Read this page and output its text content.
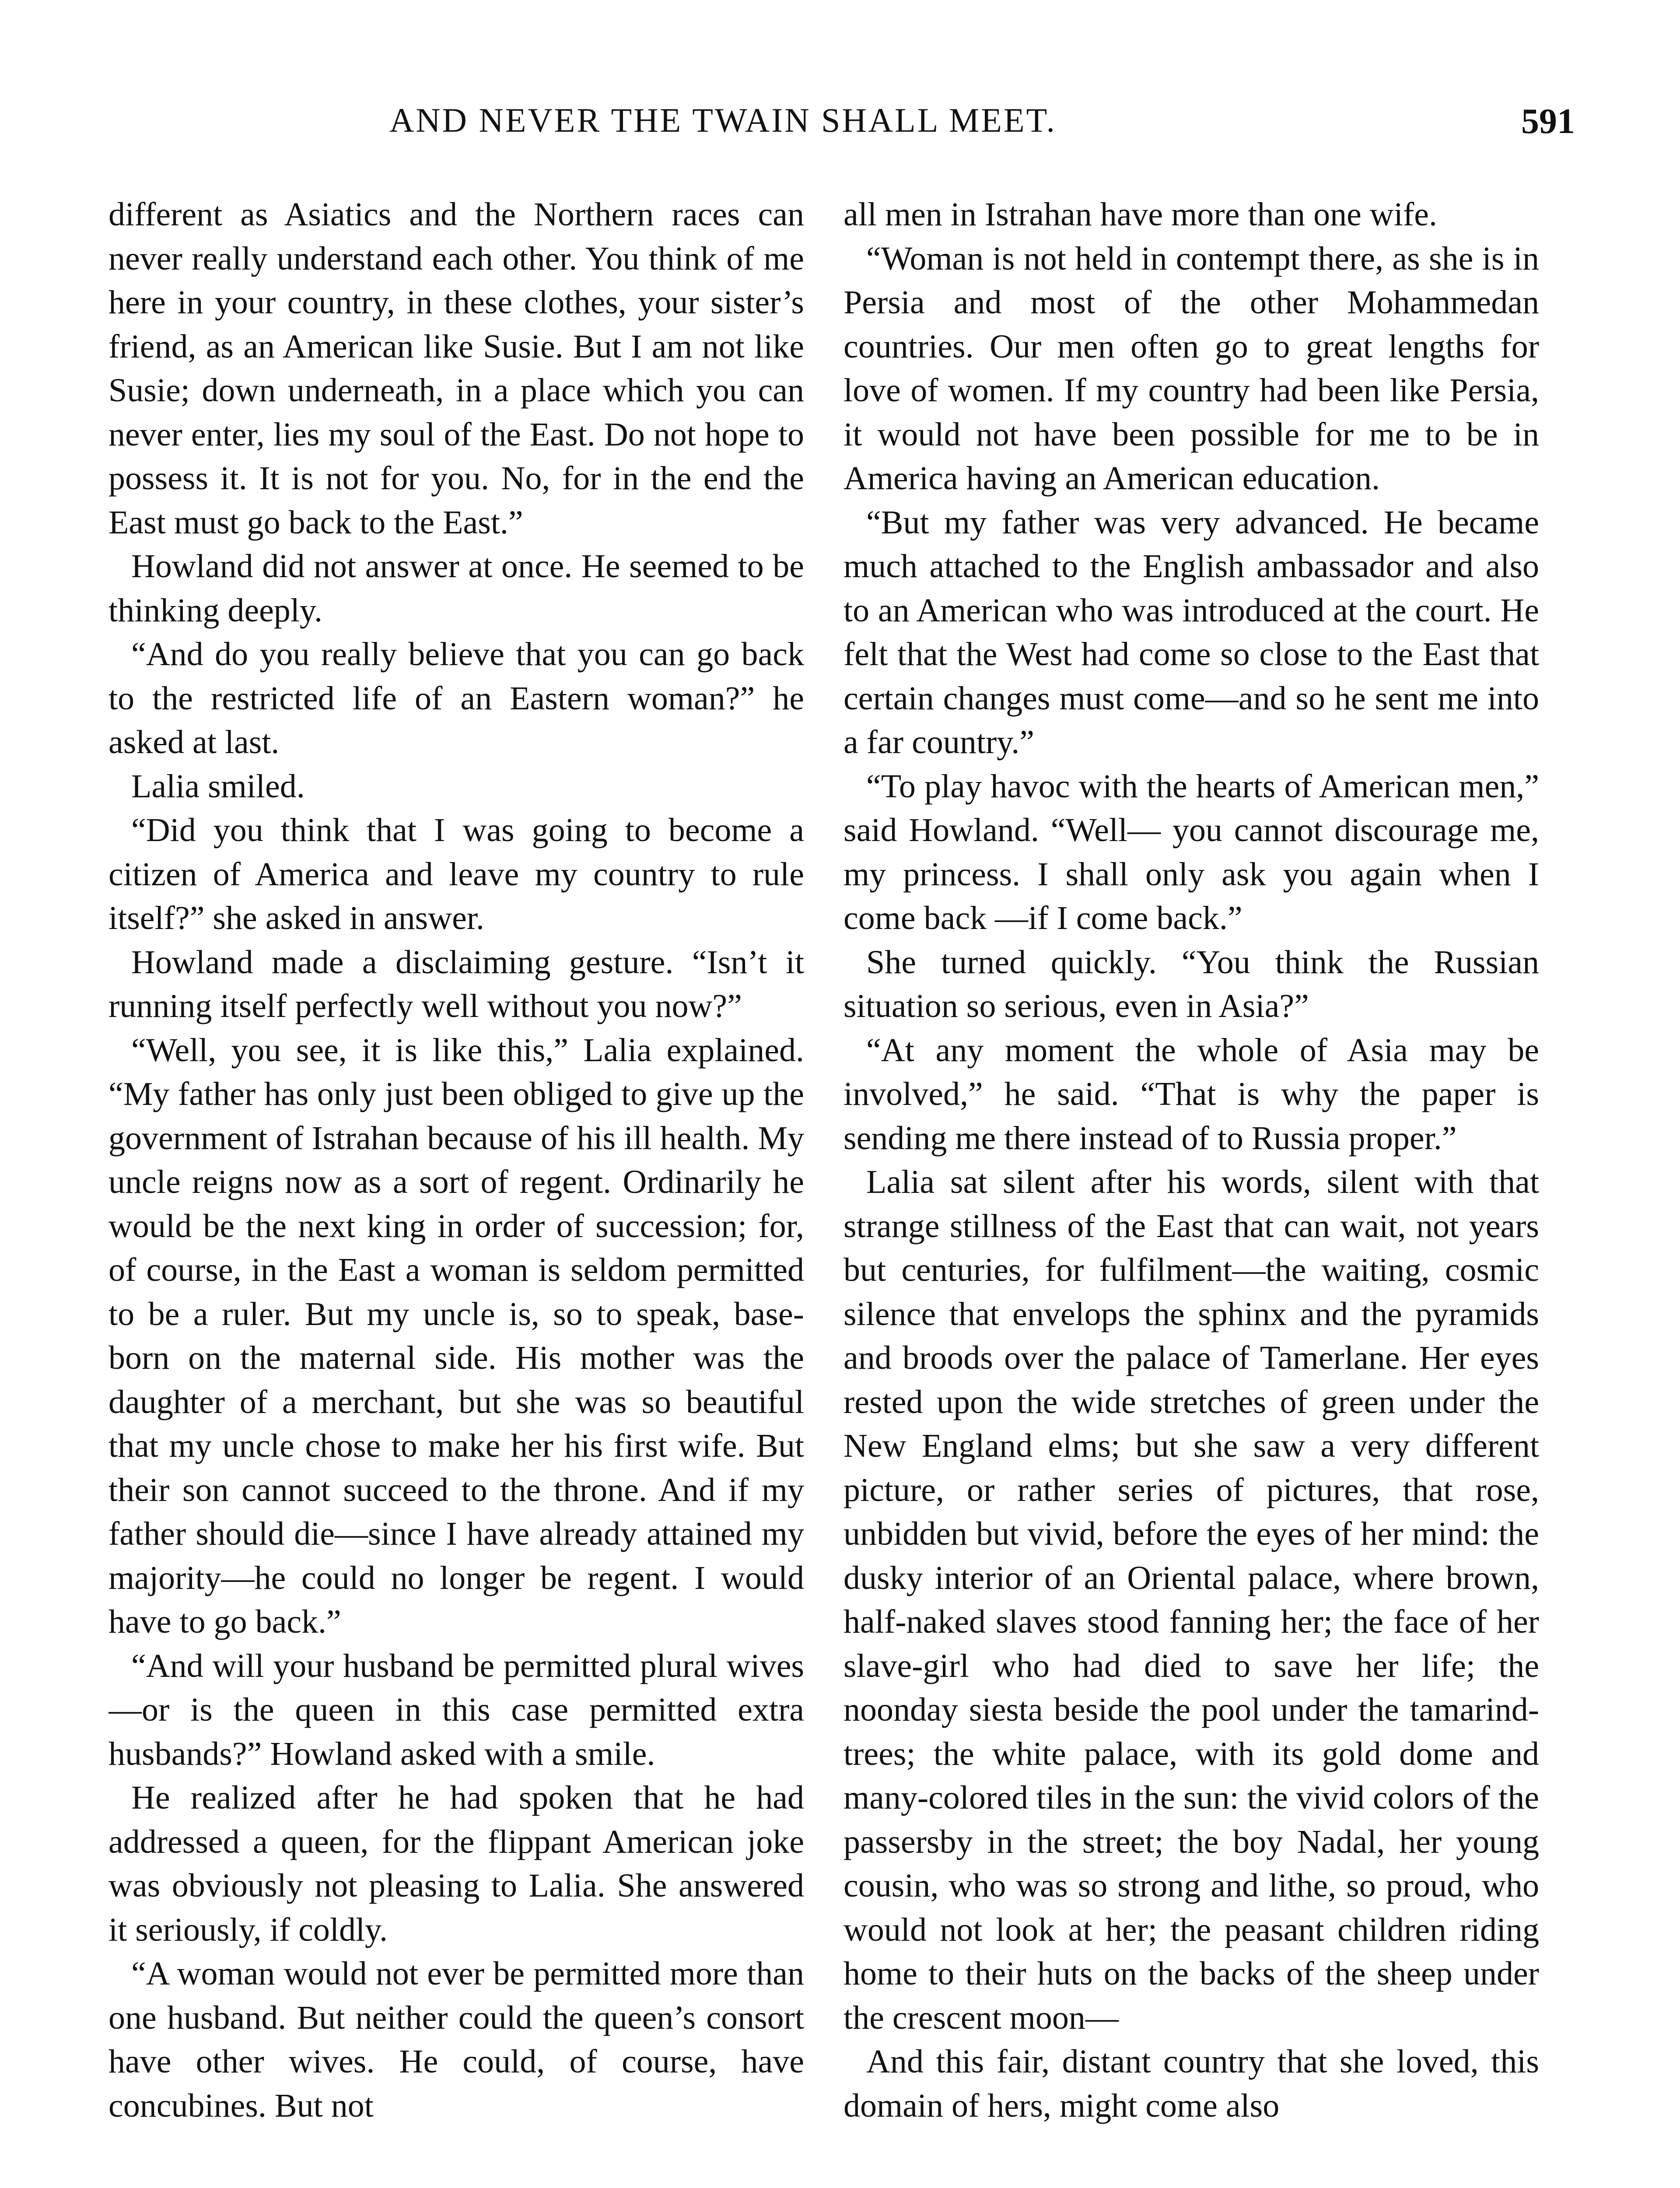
AND NEVER THE TWAIN SHALL MEET.	591

different as Asiatics and the Northern races can never really understand each other. You think of me here in your country, in these clothes, your sister’s friend, as an American like Susie. But I am not like Susie; down underneath, in a place which you can never enter, lies my soul of the East. Do not hope to possess it. It is not for you. No, for in the end the East must go back to the East.”

Howland did not answer at once. He seemed to be thinking deeply.

“And do you really believe that you can go back to the restricted life of an Eastern woman?” he asked at last.

Lalia smiled.

“Did you think that I was going to become a citizen of America and leave my country to rule itself?” she asked in answer.

Howland made a disclaiming gesture. “Isn’t it running itself perfectly well without you now?”

“Well, you see, it is like this,” Lalia explained. “My father has only just been obliged to give up the government of Istrahan because of his ill health. My uncle reigns now as a sort of regent. Ordinarily he would be the next king in order of succession; for, of course, in the East a woman is seldom permitted to be a ruler. But my uncle is, so to speak, base-born on the maternal side. His mother was the daughter of a merchant, but she was so beautiful that my uncle chose to make her his first wife. But their son cannot succeed to the throne. And if my father should die—since I have already attained my majority—he could no longer be regent. I would have to go back.”

“And will your husband be permitted plural wives—or is the queen in this case permitted extra husbands?” Howland asked with a smile.

He realized after he had spoken that he had addressed a queen, for the flippant American joke was obviously not pleasing to Lalia. She answered it seriously, if coldly.

“A woman would not ever be permitted more than one husband. But neither could the queen’s consort have other wives. He could, of course, have concubines. But not

all men in Istrahan have more than one wife.

“Woman is not held in contempt there, as she is in Persia and most of the other Mohammedan countries. Our men often go to great lengths for love of women. If my country had been like Persia, it would not have been possible for me to be in America having an American education.

“But my father was very advanced. He became much attached to the English ambassador and also to an American who was introduced at the court. He felt that the West had come so close to the East that certain changes must come—and so he sent me into a far country.”

“To play havoc with the hearts of American men,” said Howland. “Well— you cannot discourage me, my princess. I shall only ask you again when I come back —if I come back.”

She turned quickly. “You think the Russian situation so serious, even in Asia?”

“At any moment the whole of Asia may be involved,” he said. “That is why the paper is sending me there instead of to Russia proper.”

Lalia sat silent after his words, silent with that strange stillness of the East that can wait, not years but centuries, for fulfilment—the waiting, cosmic silence that envelops the sphinx and the pyramids and broods over the palace of Tamerlane. Her eyes rested upon the wide stretches of green under the New England elms; but she saw a very different picture, or rather series of pictures, that rose, unbidden but vivid, before the eyes of her mind: the dusky interior of an Oriental palace, where brown, half-naked slaves stood fanning her; the face of her slave-girl who had died to save her life; the noonday siesta beside the pool under the tamarind-trees; the white palace, with its gold dome and many-colored tiles in the sun: the vivid colors of the passersby in the street; the boy Nadal, her young cousin, who was so strong and lithe, so proud, who would not look at her; the peasant children riding home to their huts on the backs of the sheep under the crescent moon—

And this fair, distant country that she loved, this domain of hers, might come also
